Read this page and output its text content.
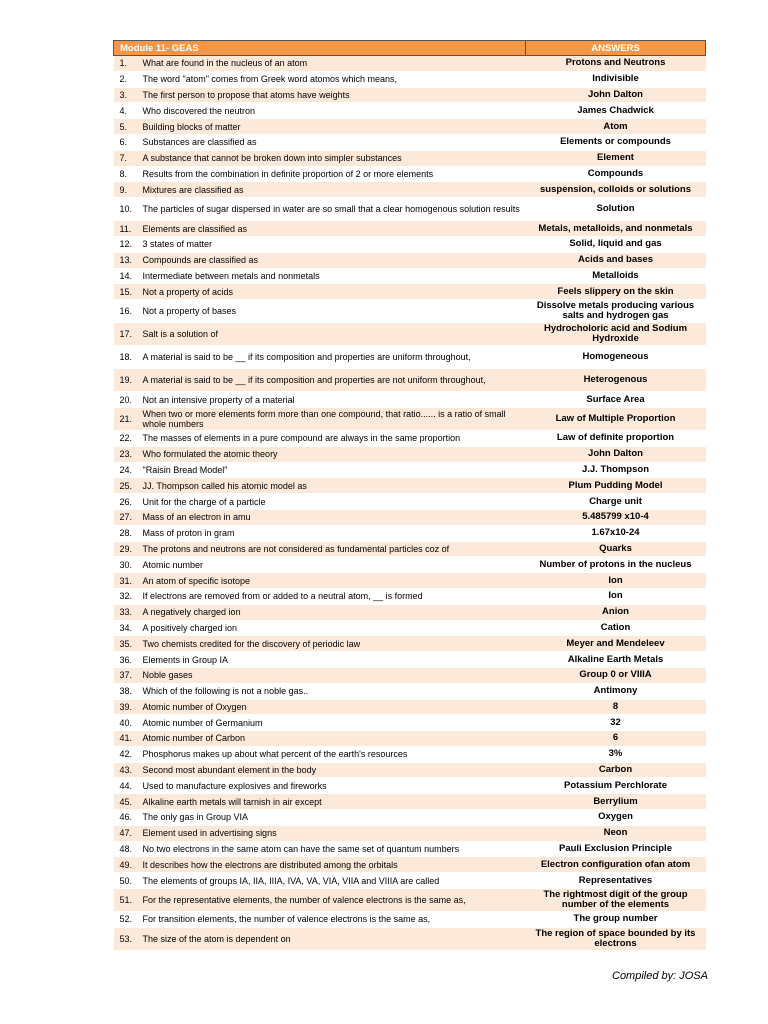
Module 11- GEAS	ANSWERS

1. What are found in the nucleus of an atom	Protons and Neutrons

2. The word "atom" comes from Greek word atomos which means,	Indivisible

3. The first person to propose that atoms have weights	John Dalton

4. Who discovered the neutron	James Chadwick

5. Building blocks of matter	Atom

6. Substances are classified as	Elements or compounds

7. A substance that cannot be broken down into simpler substances	Element

8. Results from the combination in definite proportion of 2 or more elements	Compounds

9. Mixtures are classified as	suspension, colloids or solutions

10. The particles of sugar dispersed in water are so small that a clear homogenous solution results	Solution

11. Elements are classified as	Metals, metalloids, and nonmetals

12. 3 states of matter	Solid, liquid and gas

13. Compounds are classified as	Acids and bases

14. Intermediate between metals and nonmetals	Metalloids

15. Not a property of acids	Feels slippery on the skin

16. Not a property of bases	Dissolve metals producing various salts and hydrogen gas

17. Salt is a solution of	Hydrocholoric acid and Sodium Hydroxide

18. A material is said to be __ if its composition and properties are uniform throughout,	Homogeneous

19. A material is said to be __ if its composition and properties are not uniform throughout,	Heterogenous

20. Not an intensive property of a material	Surface Area

21. When two or more elements form more than one compound, that ratio...... is a ratio of small whole numbers	Law of Multiple Proportion

22. The masses of elements in a pure compound are always in the same proportion	Law of definite proportion

23. Who formulated the atomic theory	John Dalton

24. "Raisin Bread Model"	J.J. Thompson

25. JJ. Thompson called his atomic model as	Plum Pudding Model

26. Unit for the charge of a particle	Charge unit

27. Mass of an electron in amu	5.485799 x10-4

28. Mass of proton in gram	1.67x10-24

29. The protons and neutrons are not considered as fundamental particles coz of	Quarks

30. Atomic number	Number of protons in the nucleus

31. An atom of specific isotope	Ion

32. If electrons are removed from or added to a neutral atom, __ is formed	Ion

33. A negatively charged ion	Anion

34. A positively charged ion	Cation

35. Two chemists credited for the discovery of periodic law	Meyer and Mendeleev

36. Elements in Group IA	Alkaline Earth Metals

37. Noble gases	Group 0 or VIIIA

38. Which of the following is not a noble gas..	Antimony

39. Atomic number of Oxygen	8

40. Atomic number of Germanium	32

41. Atomic number of Carbon	6

42. Phosphorus makes up about what percent of the earth's resources	3%

43. Second most abundant element in the body	Carbon

44. Used to manufacture explosives and fireworks	Potassium Perchlorate

45. Alkaline earth metals will tarnish in air except	Berrylium

46. The only gas in Group VIA	Oxygen

47. Element used in advertising signs	Neon

48. No two electrons in the same atom can have the same set of quantum numbers	Pauli Exclusion Principle

49. It describes how the electrons are distributed among the orbitals	Electron configuration ofan atom

50. The elements of groups IA, IIA, IIIA, IVA, VA, VIA, VIIA and VIIIA are called	Representatives

51. For the representative elements, the number of valence electrons is the same as,	The rightmost digit of the group number of the elements

52. For transition elements, the number of valence electrons is the same as,	The group number

53. The size of the atom is dependent on	The region of space bounded by its electrons
Compiled by: JOSA
